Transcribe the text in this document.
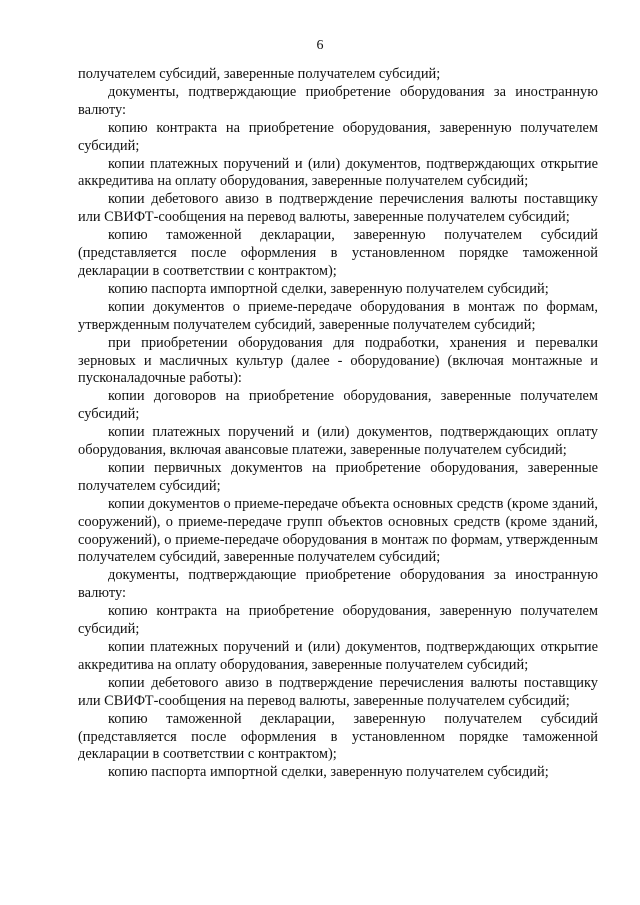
6

получателем субсидий, заверенные получателем субсидий;

документы, подтверждающие приобретение оборудования за иностранную валюту:

копию контракта на приобретение оборудования, заверенную получателем субсидий;

копии платежных поручений и (или) документов, подтверждающих открытие аккредитива на оплату оборудования, заверенные получателем субсидий;

копии дебетового авизо в подтверждение перечисления валюты поставщику или СВИФТ-сообщения на перевод валюты, заверенные получателем субсидий;

копию таможенной декларации, заверенную получателем субсидий (представляется после оформления в установленном порядке таможенной декларации в соответствии с контрактом);

копию паспорта импортной сделки, заверенную получателем субсидий;

копии документов о приеме-передаче оборудования в монтаж по формам, утвержденным получателем субсидий, заверенные получателем субсидий;

при приобретении оборудования для подработки, хранения и перевалки зерновых и масличных культур (далее - оборудование) (включая монтажные и пусконаладочные работы):

копии договоров на приобретение оборудования, заверенные получателем субсидий;

копии платежных поручений и (или) документов, подтверждающих оплату оборудования, включая авансовые платежи, заверенные получателем субсидий;

копии первичных документов на приобретение оборудования, заверенные получателем субсидий;

копии документов о приеме-передаче объекта основных средств (кроме зданий, сооружений), о приеме-передаче групп объектов основных средств (кроме зданий, сооружений), о приеме-передаче оборудования в монтаж по формам, утвержденным получателем субсидий, заверенные получателем субсидий;

документы, подтверждающие приобретение оборудования за иностранную валюту:

копию контракта на приобретение оборудования, заверенную получателем субсидий;

копии платежных поручений и (или) документов, подтверждающих открытие аккредитива на оплату оборудования, заверенные получателем субсидий;

копии дебетового авизо в подтверждение перечисления валюты поставщику или СВИФТ-сообщения на перевод валюты, заверенные получателем субсидий;

копию таможенной декларации, заверенную получателем субсидий (представляется после оформления в установленном порядке таможенной декларации в соответствии с контрактом);

копию паспорта импортной сделки, заверенную получателем субсидий;
